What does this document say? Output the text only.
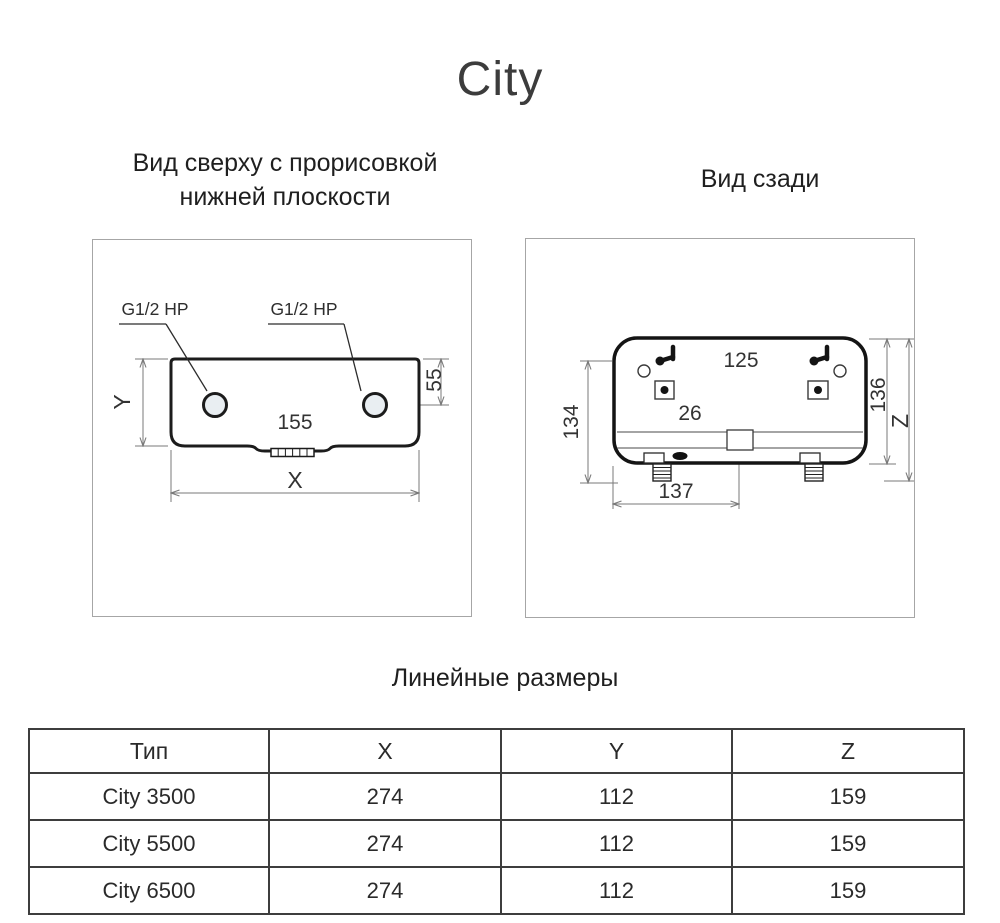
City
Вид сверху с прорисовкой
нижней плоскости
Вид сзади
G1/2 HP	G1/2 HP
155
Y
55
X
125
26
134
136
Z
137
Линейные размеры
Тип	X	Y	Z
City 3500	274	112	159
City 5500	274	112	159
City 6500	274	112	159
